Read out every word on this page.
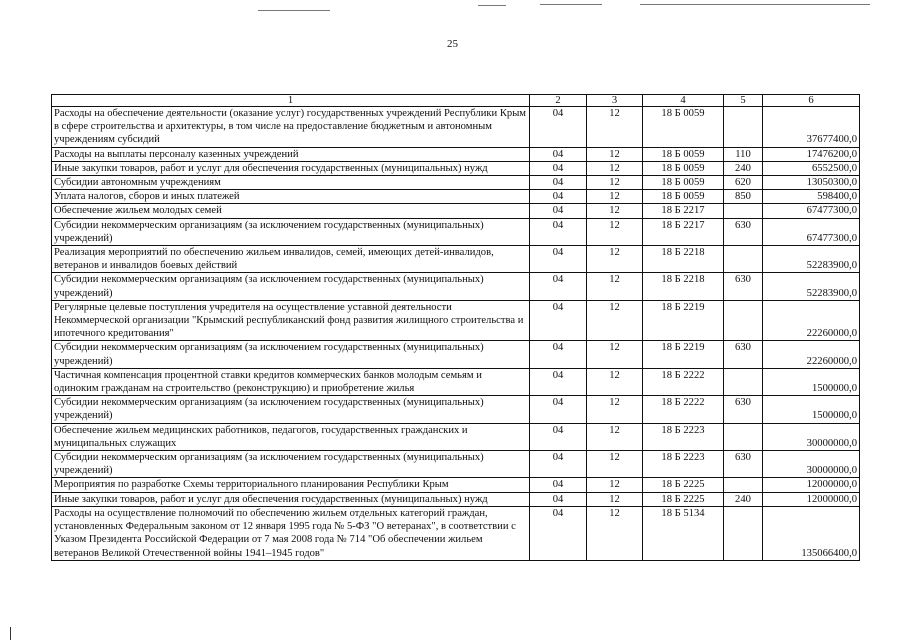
25
1	2	3	4	5	6
Расходы на обеспечение деятельности (оказание услуг) государственных учреждений Республики Крым в сфере строительства и архитектуры, в том числе на предоставление бюджетным и автономным учреждениям субсидий	04	12	18 Б 0059		37677400,0
Расходы на выплаты персоналу казенных учреждений	04	12	18 Б 0059	110	17476200,0
Иные закупки товаров, работ и услуг для обеспечения государственных (муниципальных) нужд	04	12	18 Б 0059	240	6552500,0
Субсидии автономным учреждениям	04	12	18 Б 0059	620	13050300,0
Уплата налогов, сборов и иных платежей	04	12	18 Б 0059	850	598400,0
Обеспечение жильем молодых семей	04	12	18 Б 2217		67477300,0
Субсидии некоммерческим организациям (за исключением государственных (муниципальных) учреждений)	04	12	18 Б 2217	630	67477300,0
Реализация мероприятий по обеспечению жильем инвалидов, семей, имеющих детей-инвалидов, ветеранов и инвалидов боевых действий	04	12	18 Б 2218		52283900,0
Субсидии некоммерческим организациям (за исключением государственных (муниципальных) учреждений)	04	12	18 Б 2218	630	52283900,0
Регулярные целевые поступления учредителя на осуществление уставной деятельности Некоммерческой организации "Крымский республиканский фонд развития жилищного строительства и ипотечного кредитования"	04	12	18 Б 2219		22260000,0
Субсидии некоммерческим организациям (за исключением государственных (муниципальных) учреждений)	04	12	18 Б 2219	630	22260000,0
Частичная компенсация процентной ставки кредитов коммерческих банков молодым семьям и одиноким гражданам на строительство (реконструкцию) и приобретение жилья	04	12	18 Б 2222		1500000,0
Субсидии некоммерческим организациям (за исключением государственных (муниципальных) учреждений)	04	12	18 Б 2222	630	1500000,0
Обеспечение жильем медицинских работников, педагогов, государственных гражданских и муниципальных служащих	04	12	18 Б 2223		30000000,0
Субсидии некоммерческим организациям (за исключением государственных (муниципальных) учреждений)	04	12	18 Б 2223	630	30000000,0
Мероприятия по разработке Схемы территориального планирования Республики Крым	04	12	18 Б 2225		12000000,0
Иные закупки товаров, работ и услуг для обеспечения государственных (муниципальных) нужд	04	12	18 Б 2225	240	12000000,0
Расходы на осуществление полномочий по обеспечению жильем отдельных категорий граждан, установленных Федеральным законом от 12 января 1995 года № 5-ФЗ "О ветеранах", в соответствии с Указом Президента Российской Федерации от 7 мая 2008 года № 714 "Об обеспечении жильем ветеранов Великой Отечественной войны 1941–1945 годов"	04	12	18 Б 5134		135066400,0
